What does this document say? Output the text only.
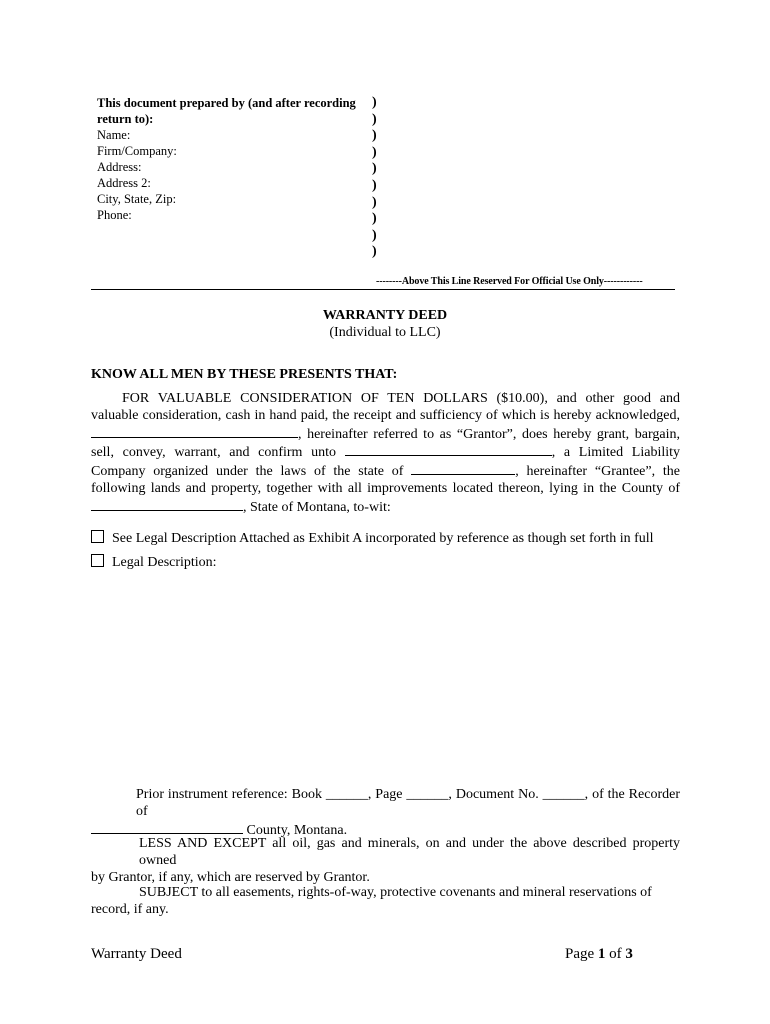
This document prepared by (and after recording
return to):
Name:
Firm/Company:
Address:
Address 2:
City, State, Zip:
Phone:
)
)
)
)
)
)
)
)
)
)
--------Above This Line Reserved For Official Use Only------------
WARRANTY DEED
(Individual to LLC)
KNOW ALL MEN BY THESE PRESENTS THAT:
FOR VALUABLE CONSIDERATION OF TEN DOLLARS ($10.00), and other good and
valuable consideration, cash in hand paid, the receipt and sufficiency of which is hereby acknowledged,
, hereinafter referred to as “Grantor”, does hereby grant, bargain,
sell, convey, warrant, and confirm unto	, a Limited Liability
Company organized under the laws of the state of	, hereinafter “Grantee”, the
following lands and property, together with all improvements located thereon, lying in the County of
, State of Montana, to-wit:
See Legal Description Attached as Exhibit A incorporated by reference as though set forth in full
Legal Description:
Prior instrument reference: Book ______, Page ______, Document No. ______, of the Recorder of
County, Montana.
LESS AND EXCEPT all oil, gas and minerals, on and under the above described property owned
by Grantor, if any, which are reserved by Grantor.
SUBJECT to all easements, rights-of-way, protective covenants and mineral reservations of
record, if any.
Warranty Deed	Page 1 of 3
